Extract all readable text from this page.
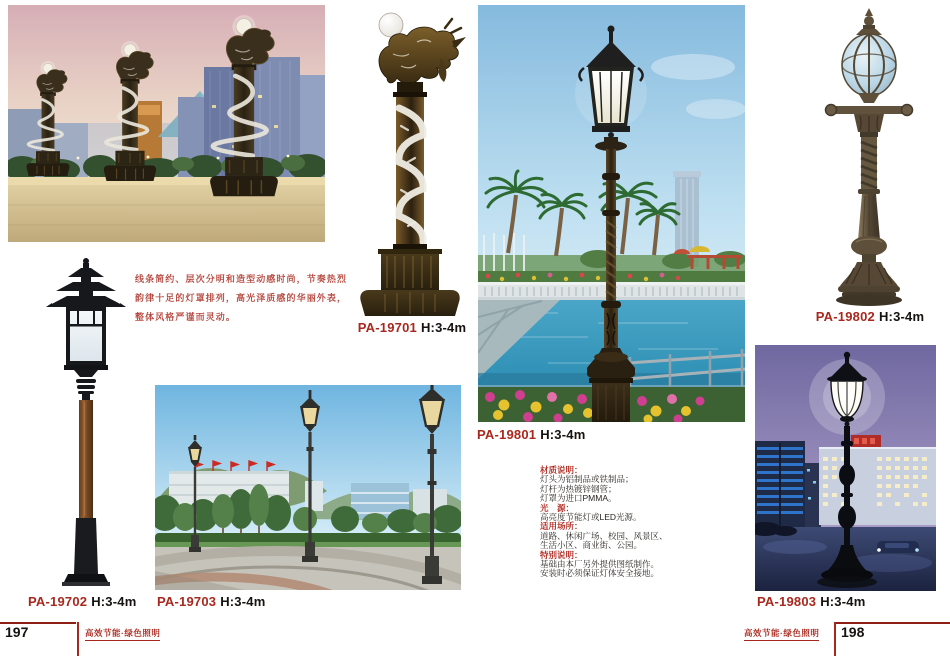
线条简约、层次分明和造型动感时尚，节奏热烈
韵律十足的灯罩排列，高光泽质感的华丽外表，
整体风格严谨而灵动。
PA-19701 H:3-4m
PA-19702 H:3-4m PA-19703 H:3-4m
197	高效节能·绿色照明
PA-19801 H:3-4m
材质说明：
灯头为铝制品或铁制品；
灯杆为热镀锌钢管；
灯罩为进口PMMA。
光　源：
高亮度节能灯或LED光源。
适用场所：
道路、休闲广场、校园、风景区、
生活小区、商业街、公园。
特别说明：
基础由本厂另外提供图纸制作。
安装时必须保证灯体安全接地。
PA-19802 H:3-4m
PA-19803 H:3-4m
198
高效节能·绿色照明
